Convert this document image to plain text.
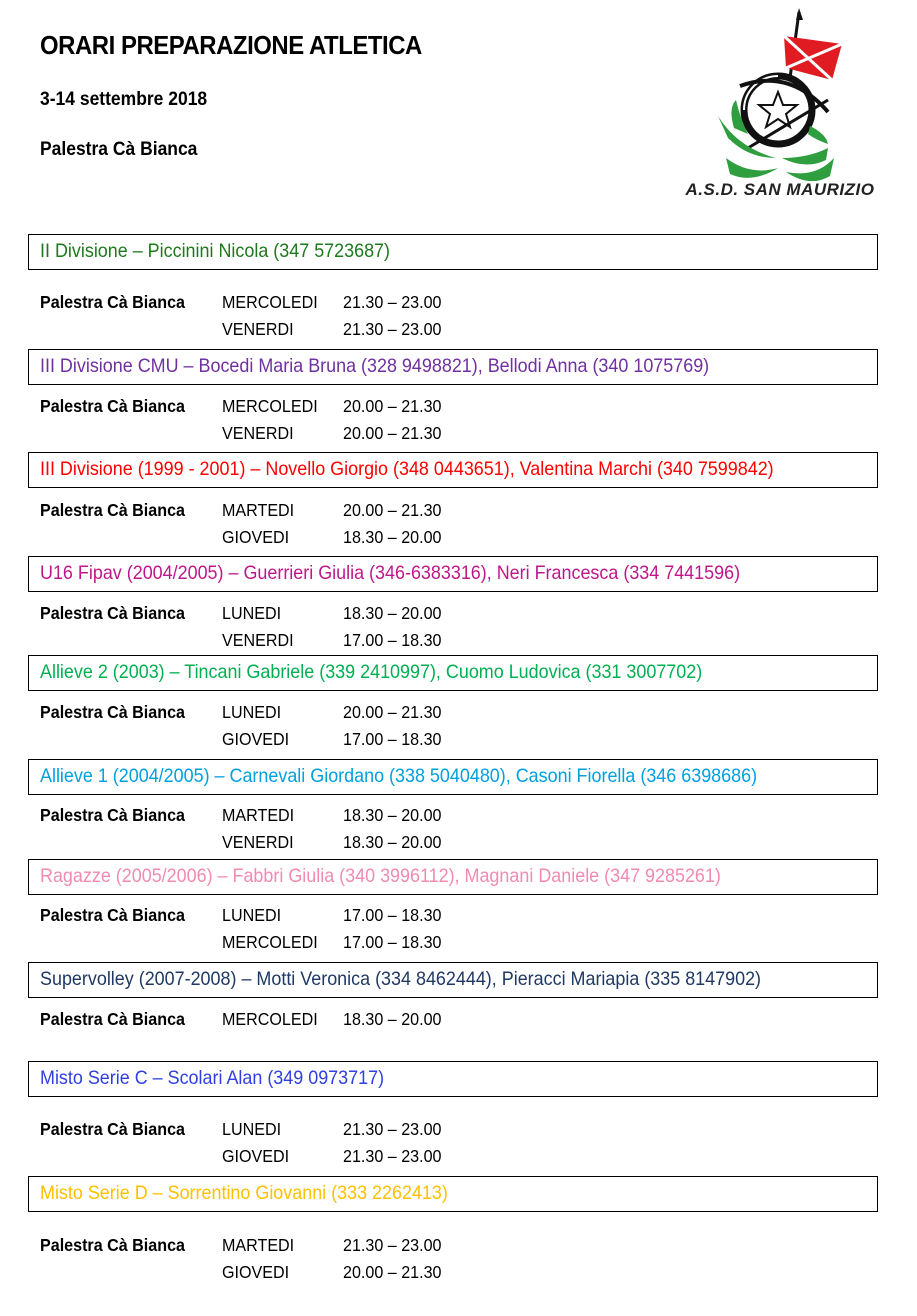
ORARI PREPARAZIONE ATLETICA
3-14 settembre 2018
Palestra Cà Bianca
A.S.D. SAN MAURIZIO
II Divisione – Piccinini Nicola (347 5723687)
Palestra Cà Bianca MERCOLEDI 21.30 – 23.00
VENERDI	21.30 – 23.00
III Divisione CMU – Bocedi Maria Bruna (328 9498821), Bellodi Anna (340 1075769)
Palestra Cà Bianca MERCOLEDI 20.00 – 21.30
VENERDI	20.00 – 21.30
III Divisione (1999 - 2001) – Novello Giorgio (348 0443651), Valentina Marchi (340 7599842)
Palestra Cà Bianca MARTEDI	20.00 – 21.30
GIOVEDI	18.30 – 20.00
U16 Fipav (2004/2005) – Guerrieri Giulia (346-6383316), Neri Francesca (334 7441596)
Palestra Cà Bianca LUNEDI	18.30 – 20.00
VENERDI	17.00 – 18.30
Allieve 2 (2003) – Tincani Gabriele (339 2410997), Cuomo Ludovica (331 3007702)
Palestra Cà Bianca LUNEDI	20.00 – 21.30
GIOVEDI	17.00 – 18.30
Allieve 1 (2004/2005) – Carnevali Giordano (338 5040480), Casoni Fiorella (346 6398686)
Palestra Cà Bianca MARTEDI	18.30 – 20.00
VENERDI	18.30 – 20.00
Ragazze (2005/2006) – Fabbri Giulia (340 3996112), Magnani Daniele (347 9285261)
Palestra Cà Bianca LUNEDI	17.00 – 18.30
MERCOLEDI 17.00 – 18.30
Supervolley (2007-2008) – Motti Veronica (334 8462444), Pieracci Mariapia (335 8147902)
Palestra Cà Bianca MERCOLEDI 18.30 – 20.00
Misto Serie C – Scolari Alan (349 0973717)
Palestra Cà Bianca LUNEDI	21.30 – 23.00
GIOVEDI	21.30 – 23.00
Misto Serie D – Sorrentino Giovanni (333 2262413)
Palestra Cà Bianca MARTEDI	21.30 – 23.00
GIOVEDI	20.00 – 21.30
